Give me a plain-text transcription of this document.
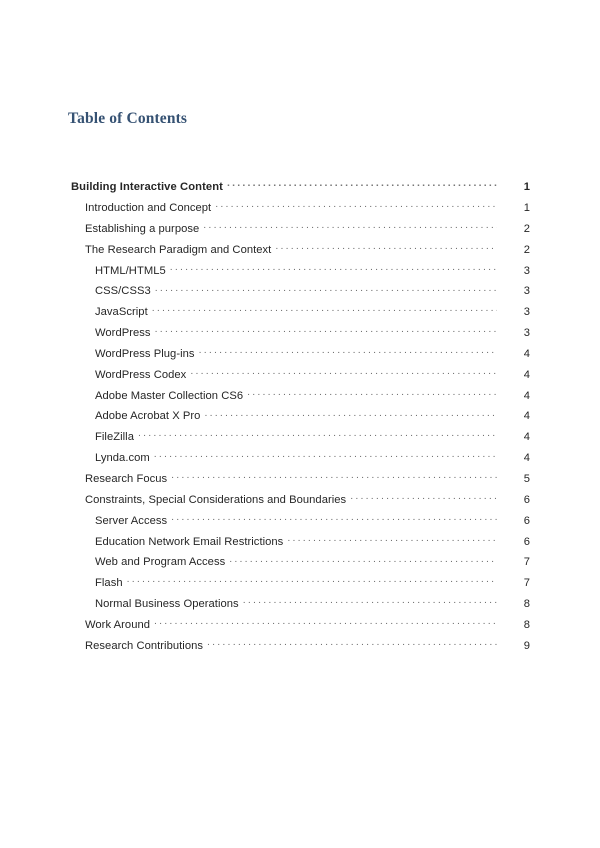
Table of Contents
Building Interactive Content . . .	1
Introduction and Concept . . .	1
Establishing a purpose . . .	2
The Research Paradigm and Context . . .	2
HTML/HTML5 . . .	3
CSS/CSS3 . . .	3
JavaScript . . .	3
WordPress . . .	3
WordPress Plug-ins . . .	4
WordPress Codex . . .	4
Adobe Master Collection CS6 . . .	4
Adobe Acrobat X Pro . . .	4
FileZilla . . .	4
Lynda.com . . .	4
Research Focus . . .	5
Constraints, Special Considerations and Boundaries . . .	6
Server Access . . .	6
Education Network Email Restrictions . . .	6
Web and Program Access . . .	7
Flash . . .	7
Normal Business Operations . . .	8
Work Around . . .	8
Research Contributions . . .	9
